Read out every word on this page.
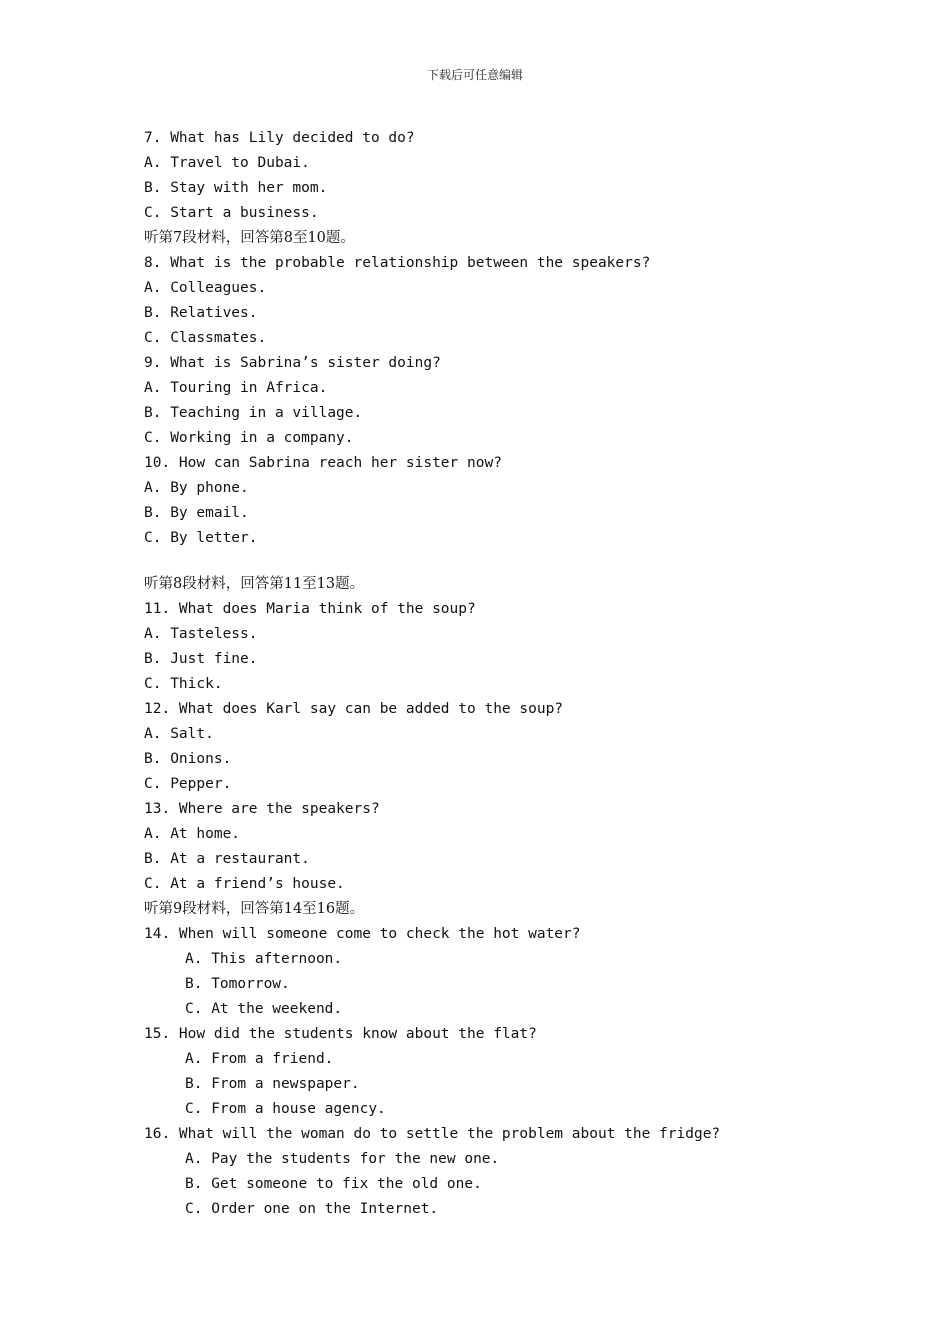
下载后可任意编辑
7. What has Lily decided to do?
A. Travel to Dubai.
B. Stay with her mom.
C. Start a business.
听第7段材料，回答第8至10题。
8. What is the probable relationship between the speakers?
A. Colleagues.
B. Relatives.
C. Classmates.
9. What is Sabrina’s sister doing?
A. Touring in Africa.
B. Teaching in a village.
C. Working in a company.
10. How can Sabrina reach her sister now?
A. By phone.
B. By email.
C. By letter.
听第8段材料，回答第11至13题。
11. What does Maria think of the soup?
A. Tasteless.
B. Just fine.
C. Thick.
12. What does Karl say can be added to the soup?
A. Salt.
B. Onions.
C. Pepper.
13. Where are the speakers?
A. At home.
B. At a restaurant.
C. At a friend’s house.
听第9段材料，回答第14至16题。
14. When will someone come to check the hot water?
A. This afternoon.
B. Tomorrow.
C. At the weekend.
15. How did the students know about the flat?
A. From a friend.
B. From a newspaper.
C. From a house agency.
16. What will the woman do to settle the problem about the fridge?
A. Pay the students for the new one.
B. Get someone to fix the old one.
C. Order one on the Internet.
